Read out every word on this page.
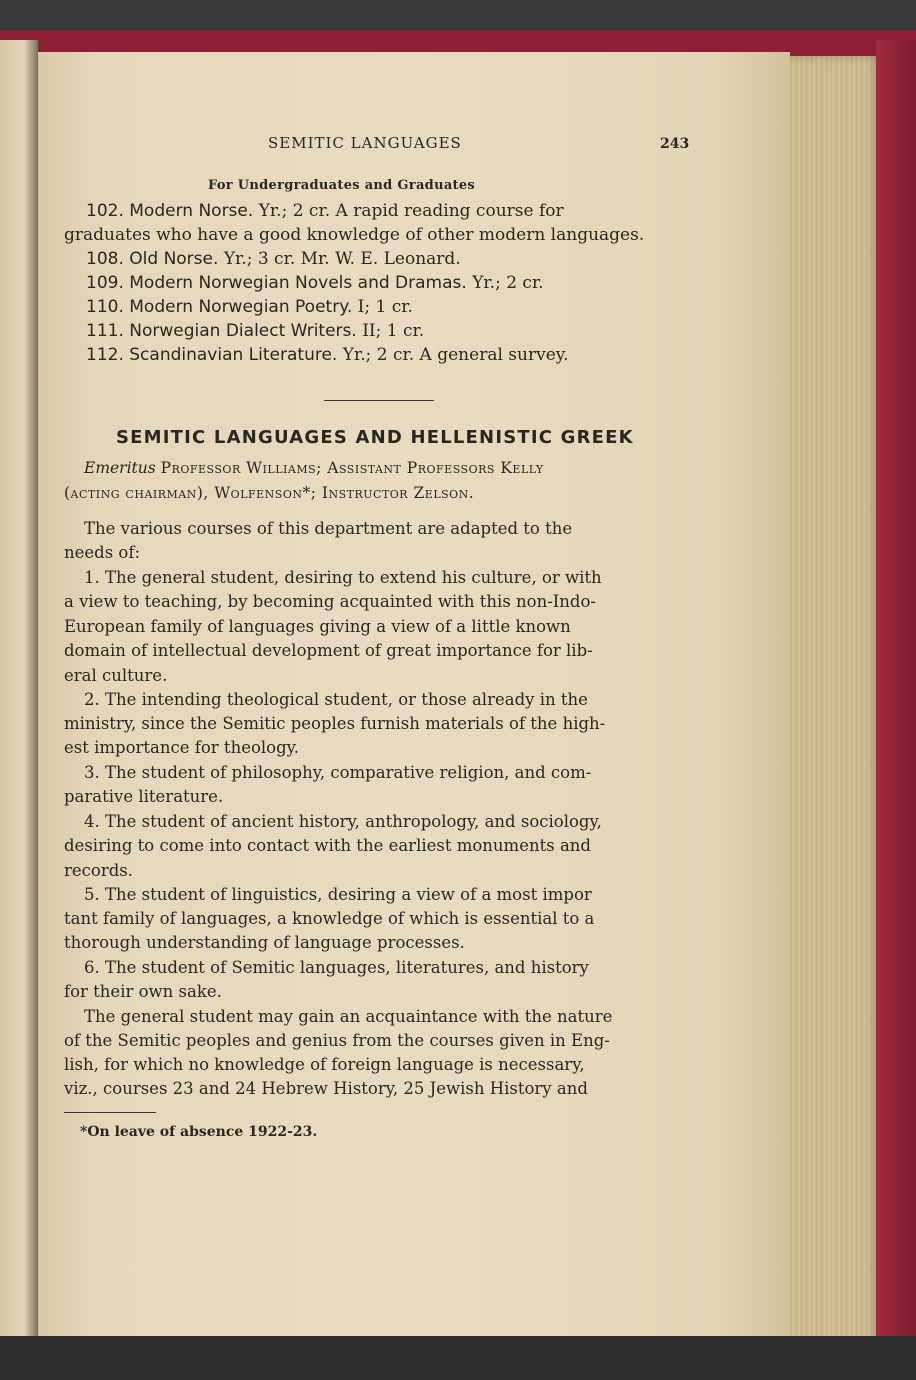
SEMITIC LANGUAGES	243
For Undergraduates and Graduates
102. Modern Norse. Yr.; 2 cr. A rapid reading course for
graduates who have a good knowledge of other modern languages.
108. Old Norse. Yr.; 3 cr. Mr. W. E. Leonard.
109. Modern Norwegian Novels and Dramas. Yr.; 2 cr.
110. Modern Norwegian Poetry. I; 1 cr.
111. Norwegian Dialect Writers. II; 1 cr.
112. Scandinavian Literature. Yr.; 2 cr. A general survey.
SEMITIC LANGUAGES AND HELLENISTIC GREEK
Emeritus Professor Williams; Assistant Professors Kelly
(acting chairman), Wolfenson*; Instructor Zelson.
The various courses of this department are adapted to the
needs of:
1. The general student, desiring to extend his culture, or with
a view to teaching, by becoming acquainted with this non-Indo-
European family of languages giving a view of a little known
domain of intellectual development of great importance for lib-
eral culture.
2. The intending theological student, or those already in the
ministry, since the Semitic peoples furnish materials of the high-
est importance for theology.
3. The student of philosophy, comparative religion, and com-
parative literature.
4. The student of ancient history, anthropology, and sociology,
desiring to come into contact with the earliest monuments and
records.
5. The student of linguistics, desiring a view of a most impor
tant family of languages, a knowledge of which is essential to a
thorough understanding of language processes.
6. The student of Semitic languages, literatures, and history
for their own sake.
The general student may gain an acquaintance with the nature
of the Semitic peoples and genius from the courses given in Eng-
lish, for which no knowledge of foreign language is necessary,
viz., courses 23 and 24 Hebrew History, 25 Jewish History and
*On leave of absence 1922-23.
